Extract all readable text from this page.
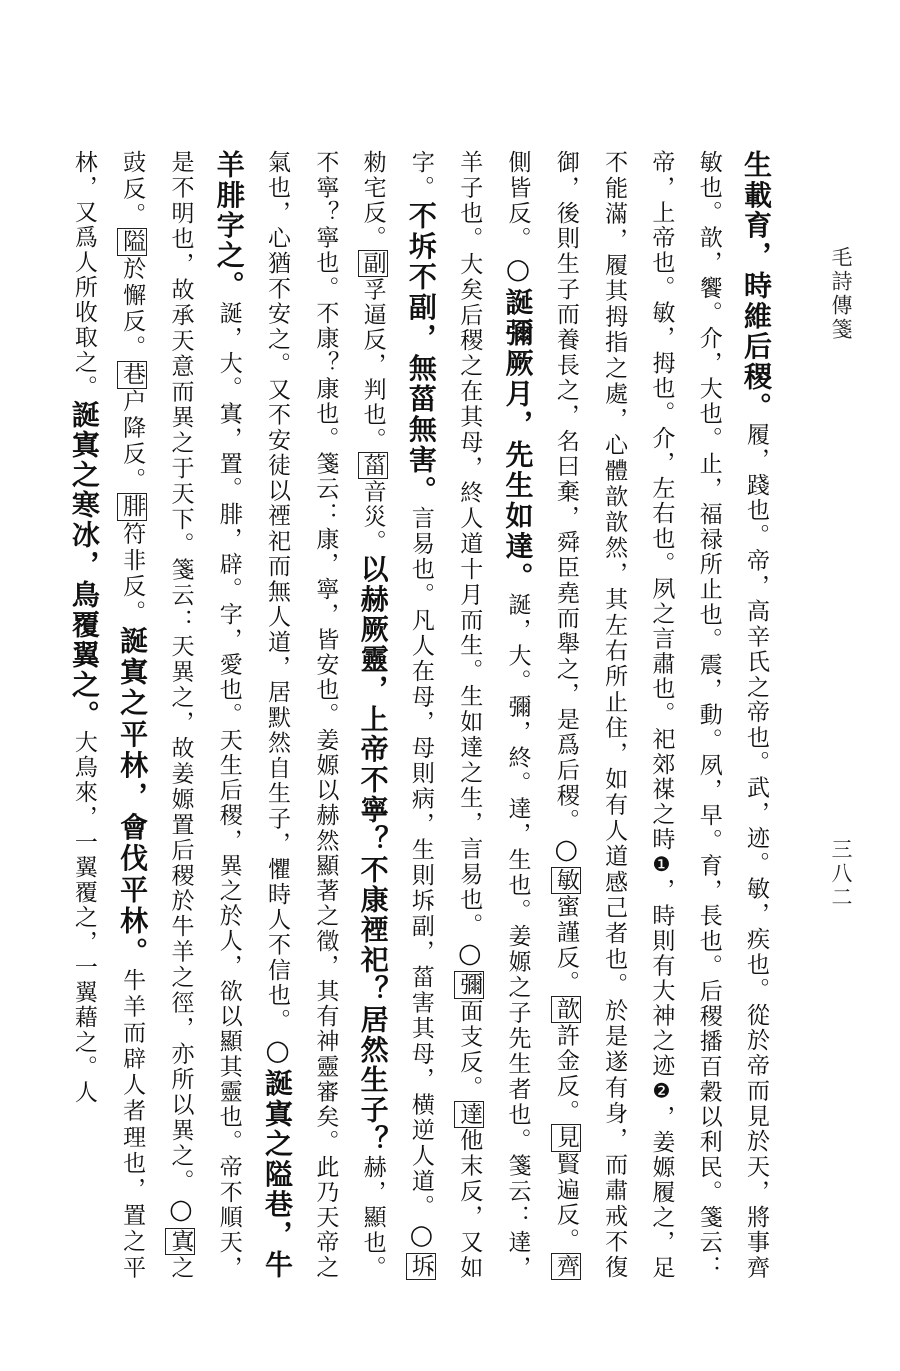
毛詩傳箋
三八二
生載育，時維后稷。履，踐也。帝，高辛氏之帝也。武，迹。敏，疾也。從於帝而見於天，將事齊敏也。歆，饗。介，大也。止，福禄所止也。震，動。夙，早。育，長也。后稷播百穀以利民。箋云：帝，上帝也。敏，拇也。介，左右也。夙之言肅也。祀郊禖之時❶，時則有大神之迹❷，姜嫄履之，足不能滿，履其拇指之處，心體歆歆然，其左右所止住，如有人道感己者也。於是遂有身，而肅戒不復御，後則生子而養長之，名曰棄，舜臣堯而舉之，是爲后稷。○敏蜜謹反。歆許金反。見賢遍反。齊側皆反。○誕彌厥月，先生如達。誕，大。彌，終。達，生也。姜嫄之子先生者也。箋云：達，羊子也。大矣后稷之在其母，終人道十月而生。生如達之生，言易也。○彌面支反。達他末反，又如字。不坼不副，無菑無害。言易也。凡人在母，母則病，生則坼副，菑害其母，横逆人道。○坼勑宅反。副孚逼反，判也。菑音災。以赫厥靈，上帝不寧？不康禋祀？居然生子？赫，顯也。不寧？寧也。不康？康也。箋云：康，寧，皆安也。姜嫄以赫然顯著之徵，其有神靈審矣。此乃天帝之氣也，心猶不安之。又不安徒以禋祀而無人道，居默然自生子，懼時人不信也。○誕寘之隘巷，牛羊腓字之。誕，大。寘，置。腓，辟。字，愛也。天生后稷，異之於人，欲以顯其靈也。帝不順天，是不明也，故承天意而異之于天下。箋云：天異之，故姜嫄置后稷於牛羊之徑，亦所以異之。○寘之豉反。隘於懈反。巷户降反。腓符非反。誕寘之平林，會伐平林。牛羊而辟人者理也，置之平林，又爲人所收取之。誕寘之寒冰，鳥覆翼之。大鳥來，一翼覆之，一翼藉之。人
